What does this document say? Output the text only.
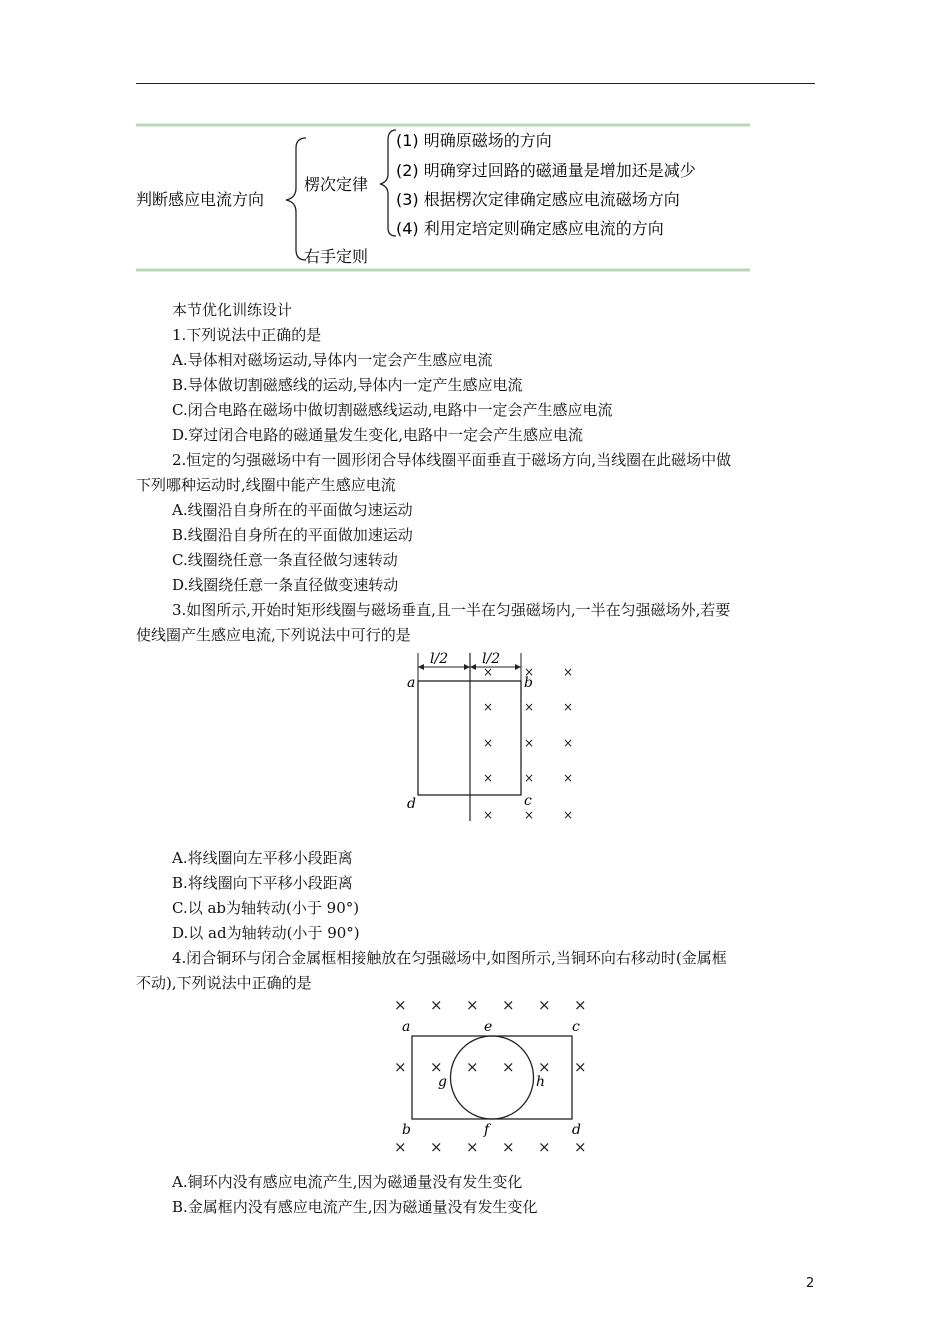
判断感应电流方向
楞次定律
右手定则
(1) 明确原磁场的方向
(2) 明确穿过回路的磁通量是增加还是减少
(3) 根据楞次定律确定感应电流磁场方向
(4) 利用定培定则确定感应电流的方向
本节优化训练设计
1.下列说法中正确的是
A.导体相对磁场运动,导体内一定会产生感应电流
B.导体做切割磁感线的运动,导体内一定产生感应电流
C.闭合电路在磁场中做切割磁感线运动,电路中一定会产生感应电流
D.穿过闭合电路的磁通量发生变化,电路中一定会产生感应电流
2.恒定的匀强磁场中有一圆形闭合导体线圈平面垂直于磁场方向,当线圈在此磁场中做
下列哪种运动时,线圈中能产生感应电流
A.线圈沿自身所在的平面做匀速运动
B.线圈沿自身所在的平面做加速运动
C.线圈绕任意一条直径做匀速转动
D.线圈绕任意一条直径做变速转动
3.如图所示,开始时矩形线圈与磁场垂直,且一半在匀强磁场内,一半在匀强磁场外,若要
使线圈产生感应电流,下列说法中可行的是
l/2 l/2
a	b
c
d
×	× ×
×	× ×
×	× ×
×	× ×
×	× ×
A.将线圈向左平移小段距离
B.将线圈向下平移小段距离
C.以 ab为轴转动(小于 90°)
D.以 ad为轴转动(小于 90°)
4.闭合铜环与闭合金属框相接触放在匀强磁场中,如图所示,当铜环向右移动时(金属框
不动),下列说法中正确的是
× × × × × ×
a	e	c
b	f	d
g	h
× × × × × ×
× × × × × ×
A.铜环内没有感应电流产生,因为磁通量没有发生变化
B.金属框内没有感应电流产生,因为磁通量没有发生变化
2
